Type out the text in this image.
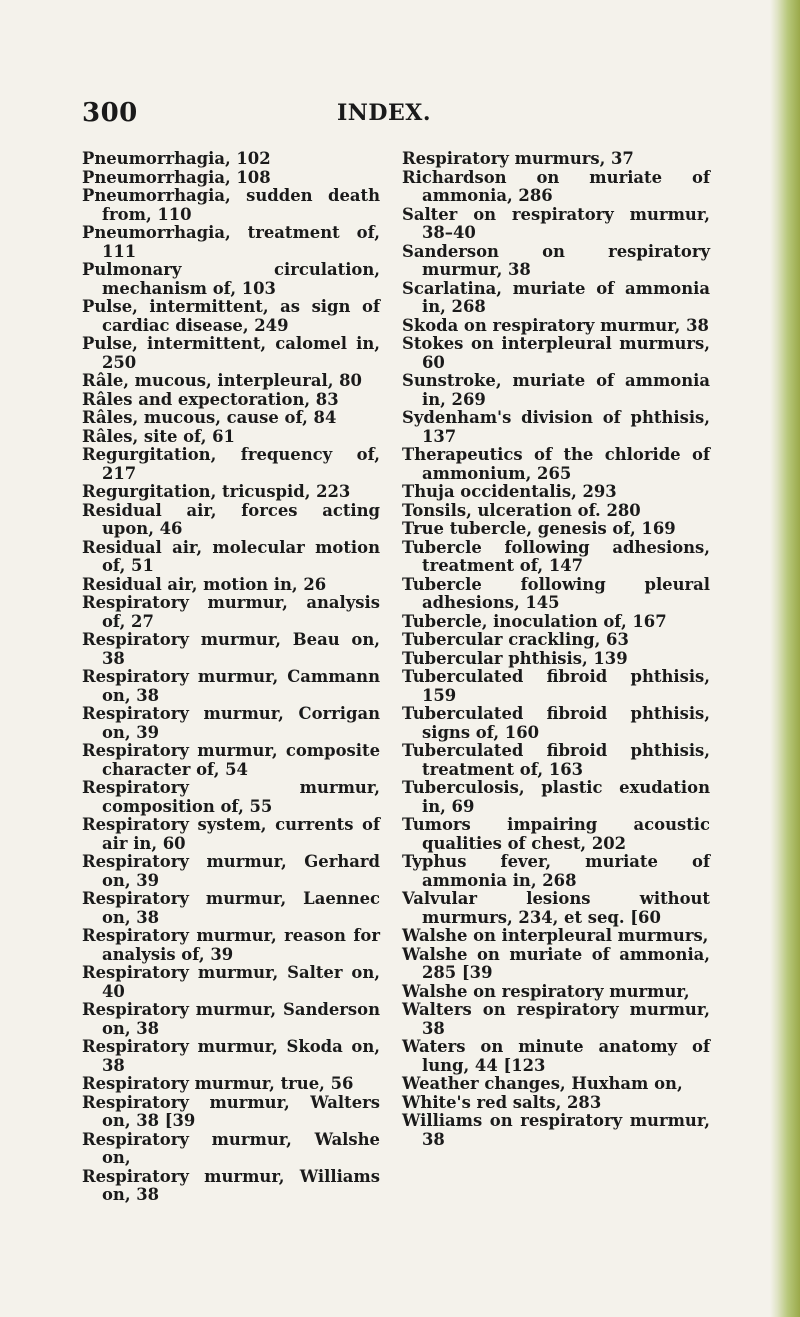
300	INDEX.
Pneumorrhagia, 102
Pneumorrhagia, 108
Pneumorrhagia, sudden death from, 110
Pneumorrhagia, treatment of, 111
Pulmonary circulation, mechanism of, 103
Pulse, intermittent, as sign of cardiac disease, 249
Pulse, intermittent, calomel in, 250
Râle, mucous, interpleural, 80
Râles and expectoration, 83
Râles, mucous, cause of, 84
Râles, site of, 61
Regurgitation, frequency of, 217
Regurgitation, tricuspid, 223
Residual air, forces acting upon, 46
Residual air, molecular motion of, 51
Residual air, motion in, 26
Respiratory murmur, analysis of, 27
Respiratory murmur, Beau on, 38
Respiratory murmur, Cammann on, 38
Respiratory murmur, Corrigan on, 39
Respiratory murmur, composite character of, 54
Respiratory murmur, composition of, 55
Respiratory system, currents of air in, 60
Respiratory murmur, Gerhard on, 39
Respiratory murmur, Laennec on, 38
Respiratory murmur, reason for analysis of, 39
Respiratory murmur, Salter on, 40
Respiratory murmur, Sanderson on, 38
Respiratory murmur, Skoda on, 38
Respiratory murmur, true, 56
Respiratory murmur, Walters on, 38 [39
Respiratory murmur, Walshe on,
Respiratory murmur, Williams on, 38
Respiratory murmurs, 37
Richardson on muriate of ammonia, 286
Salter on respiratory murmur, 38–40
Sanderson on respiratory murmur, 38
Scarlatina, muriate of ammonia in, 268
Skoda on respiratory murmur, 38
Stokes on interpleural murmurs, 60
Sunstroke, muriate of ammonia in, 269
Sydenham's division of phthisis, 137
Therapeutics of the chloride of ammonium, 265
Thuja occidentalis, 293
Tonsils, ulceration of. 280
True tubercle, genesis of, 169
Tubercle following adhesions, treatment of, 147
Tubercle following pleural adhesions, 145
Tubercle, inoculation of, 167
Tubercular crackling, 63
Tubercular phthisis, 139
Tuberculated fibroid phthisis, 159
Tuberculated fibroid phthisis, signs of, 160
Tuberculated fibroid phthisis, treatment of, 163
Tuberculosis, plastic exudation in, 69
Tumors impairing acoustic qualities of chest, 202
Typhus fever, muriate of ammonia in, 268
Valvular lesions without murmurs, 234, et seq. [60
Walshe on interpleural murmurs,
Walshe on muriate of ammonia, 285 [39
Walshe on respiratory murmur,
Walters on respiratory murmur, 38
Waters on minute anatomy of lung, 44 [123
Weather changes, Huxham on,
White's red salts, 283
Williams on respiratory murmur, 38
